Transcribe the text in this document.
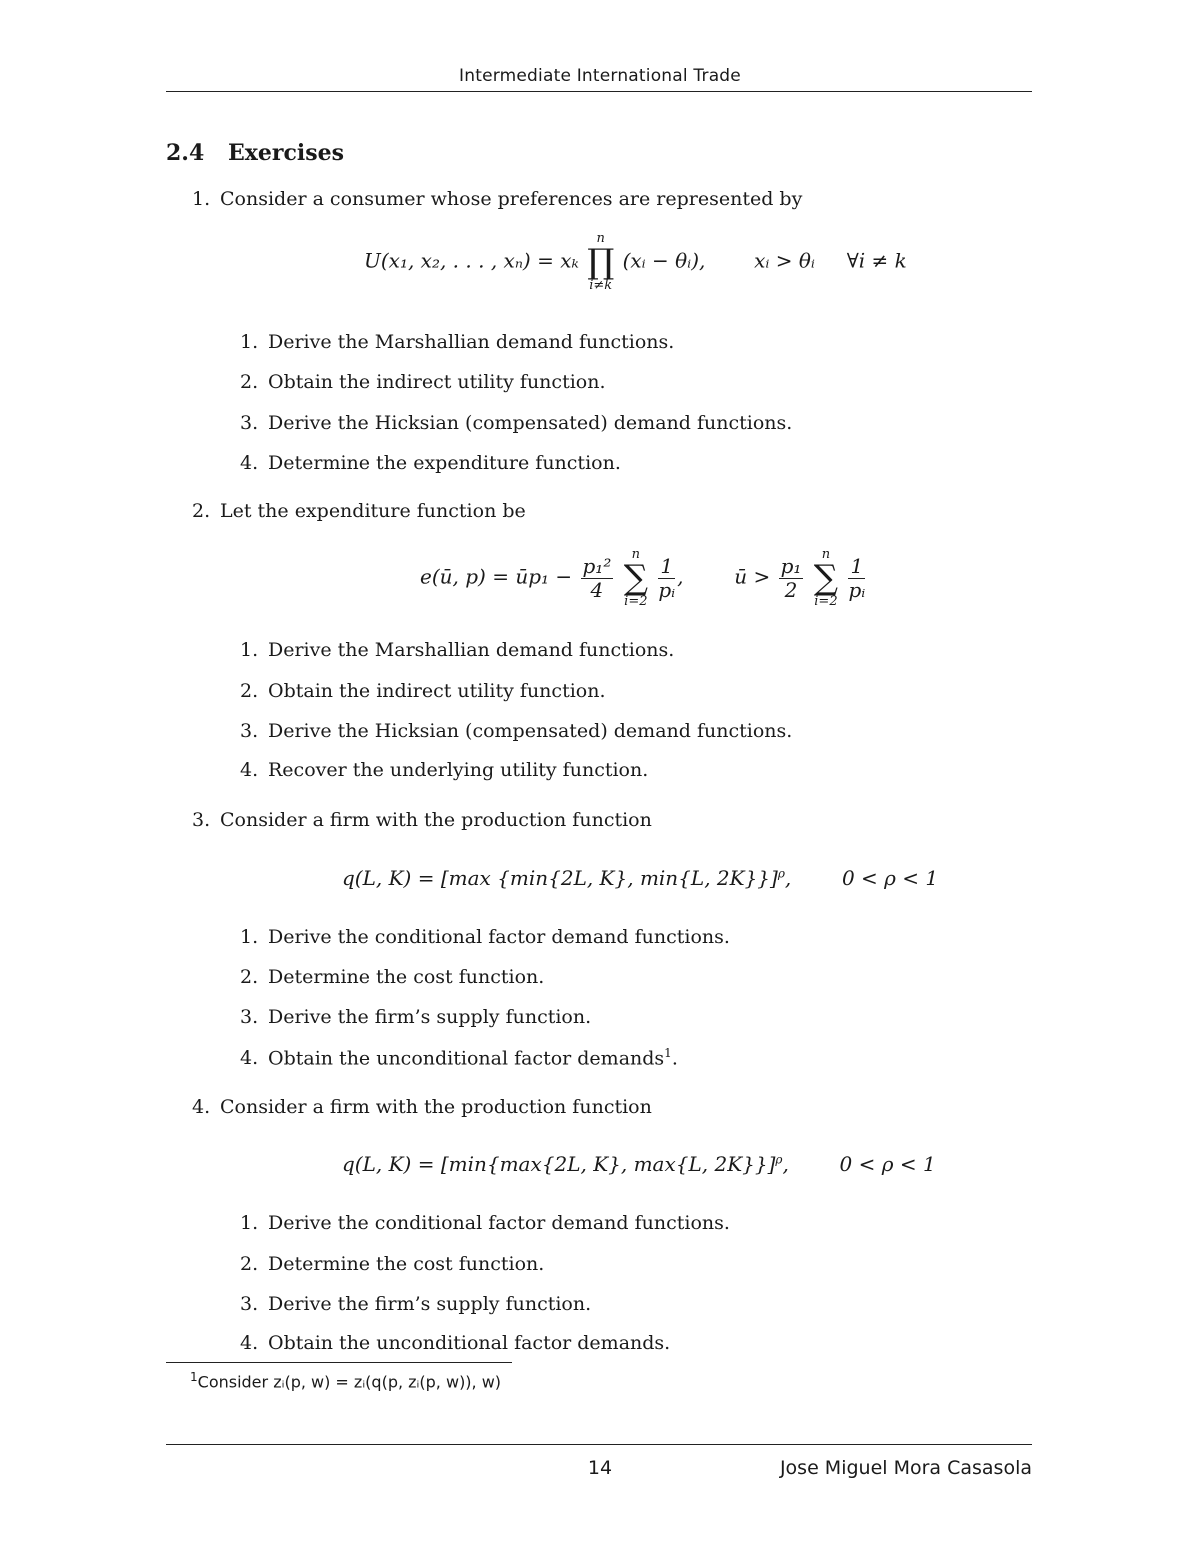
Intermediate International Trade
2.4 Exercises
1. Consider a consumer whose preferences are represented by
U(x₁, x₂, . . . , xₙ) = xₖ
n
∏
i≠k
(xᵢ − θᵢ), xᵢ > θᵢ     ∀i ≠ k
1. Derive the Marshallian demand functions.
2. Obtain the indirect utility function.
3. Derive the Hicksian (compensated) demand functions.
4. Determine the expenditure function.
2. Let the expenditure function be
e(ū, p) = ūp₁ − $\frac{\text{p₁²}}{4}$
	n
∑
i=2
$\frac{1}{\text{pᵢ}}$ ,	ū > $\frac{\text{p₁}}{2}$
	n
∑
i=2
$\frac{1}{\text{pᵢ}}$
1. Derive the Marshallian demand functions.
2. Obtain the indirect utility function.
3. Derive the Hicksian (compensated) demand functions.
4. Recover the underlying utility function.
3. Consider a firm with the production function
q(L, K) = [max {min{2L, K}, min{L, 2K}}]$^\rho$,	0 < ρ < 1
1. Derive the conditional factor demand functions.
2. Determine the cost function.
3. Derive the firm’s supply function.
4. Obtain the unconditional factor demands$^1$.
4. Consider a firm with the production function
q(L, K) = [min{max{2L, K}, max{L, 2K}}]$^\rho$,	0 < ρ < 1
1. Derive the conditional factor demand functions.
2. Determine the cost function.
3. Derive the firm’s supply function.
4. Obtain the unconditional factor demands.
$^1$Consider zᵢ(p, w) = zᵢ(q(p, zᵢ(p, w)), w)
14	Jose Miguel Mora Casasola
